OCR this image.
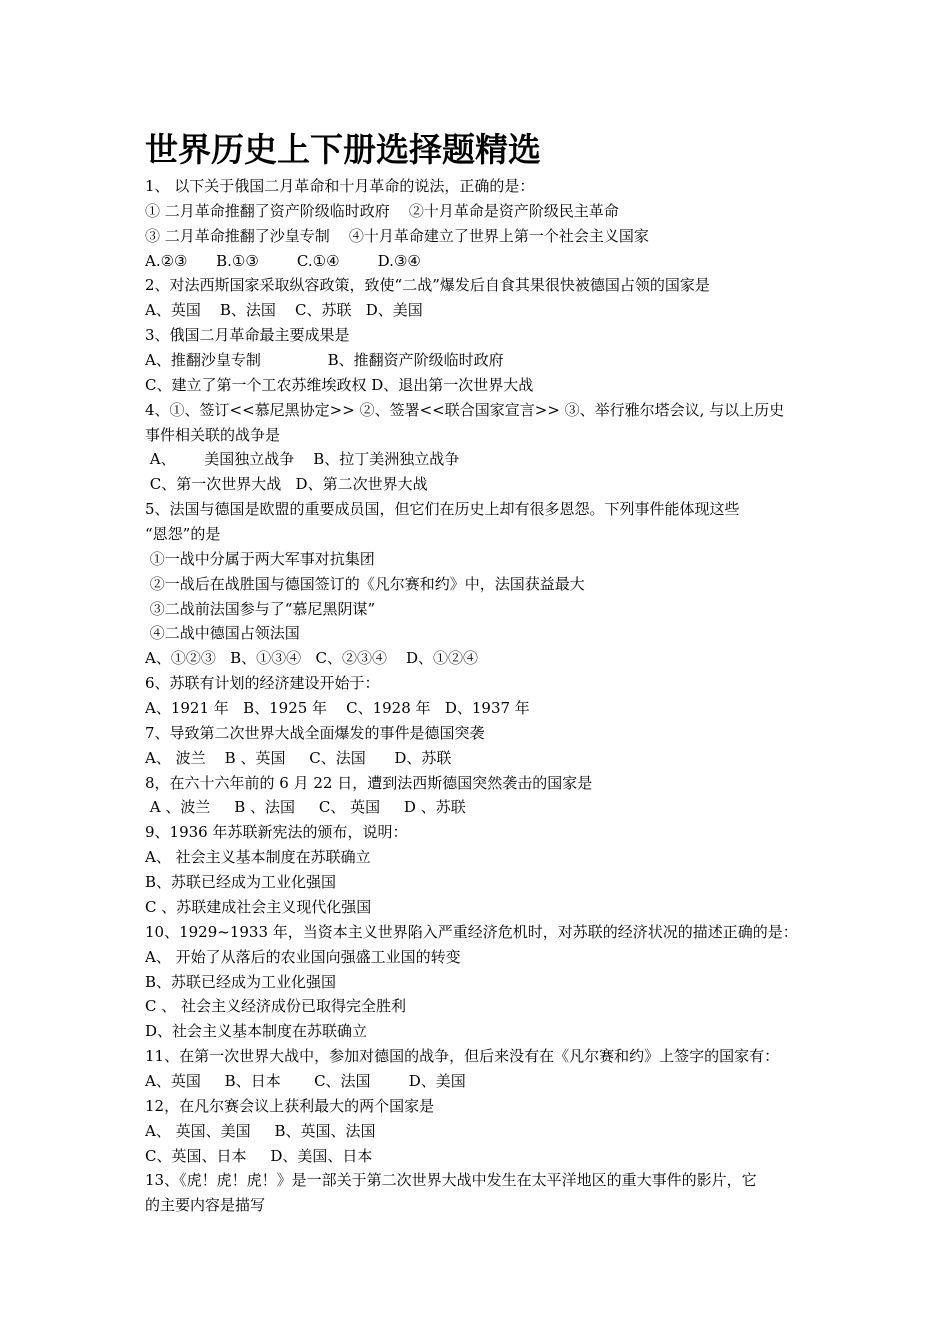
世界历史上下册选择题精选
1、 以下关于俄国二月革命和十月革命的说法，正确的是：
① 二月革命推翻了资产阶级临时政府    ②十月革命是资产阶级民主革命
③ 二月革命推翻了沙皇专制    ④十月革命建立了世界上第一个社会主义国家
A.②③      B.①③        C.①④        D.③④
2、对法西斯国家采取纵容政策，致使“二战”爆发后自食其果很快被德国占领的国家是
A、英国    B、法国    C、苏联   D、美国
3、俄国二月革命最主要成果是
A、推翻沙皇专制              B、推翻资产阶级临时政府
C、建立了第一个工农苏维埃政权 D、退出第一次世界大战
4、①、签订<<慕尼黑协定>> ②、签署<<联合国家宣言>> ③、举行雅尔塔会议, 与以上历史
事件相关联的战争是
A、      美国独立战争    B、拉丁美洲独立战争
C、第一次世界大战   D、第二次世界大战
5、法国与德国是欧盟的重要成员国，但它们在历史上却有很多恩怨。下列事件能体现这些
“恩怨”的是
①一战中分属于两大军事对抗集团
②一战后在战胜国与德国签订的《凡尔赛和约》中，法国获益最大
③二战前法国参与了“慕尼黑阴谋”
④二战中德国占领法国
A、①②③   B、①③④   C、②③④    D、①②④
6、苏联有计划的经济建设开始于：
A、1921 年   B、1925 年    C、1928 年   D、1937 年
7、导致第二次世界大战全面爆发的事件是德国突袭
A、 波兰    B 、英国     C、法国      D、苏联
8，在六十六年前的 6 月 22 日，遭到法西斯德国突然袭击的国家是
A 、波兰     B 、法国     C、 英国     D 、苏联
9、1936 年苏联新宪法的颁布，说明：
A、 社会主义基本制度在苏联确立
B、苏联已经成为工业化强国
C 、苏联建成社会主义现代化强国
10、1929~1933 年，当资本主义世界陷入严重经济危机时，对苏联的经济状况的描述正确的是：
A、 开始了从落后的农业国向强盛工业国的转变
B、苏联已经成为工业化强国
C 、 社会主义经济成份已取得完全胜利
D、社会主义基本制度在苏联确立
11、在第一次世界大战中，参加对德国的战争，但后来没有在《凡尔赛和约》上签字的国家有：
A、英国     B、日本       C、法国        D、美国
12，在凡尔赛会议上获利最大的两个国家是
A、 英国、美国     B、英国、法国
C、英国、日本     D、美国、日本
13、《虎！虎！虎！》是一部关于第二次世界大战中发生在太平洋地区的重大事件的影片，它
的主要内容是描写
